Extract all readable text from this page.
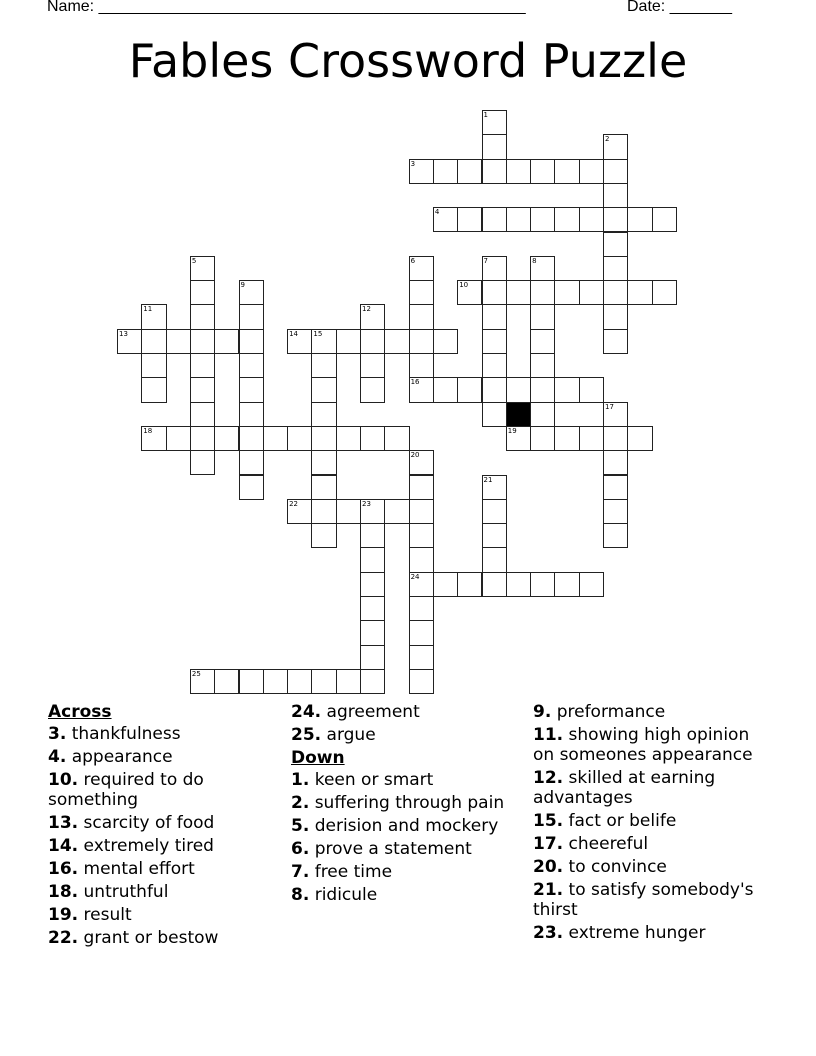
Name: ________________________________________________	Date: _______
Fables Crossword Puzzle
1
2
3
4
5	6
16
7	8
9	10
11	12
13	14 15
17
18	19
20
24
21
22	23
25
Across
3. thankfulness
4. appearance
10. required to do something
13. scarcity of food
14. extremely tired
16. mental effort
18. untruthful
19. result
22. grant or bestow
24. agreement
25. argue
Down
1. keen or smart
2. suffering through pain
5. derision and mockery
6. prove a statement
7. free time
8. ridicule
9. preformance
11. showing high opinion on someones appearance
12. skilled at earning advantages
15. fact or belife
17. cheereful
20. to convince
21. to satisfy somebody's thirst
23. extreme hunger
